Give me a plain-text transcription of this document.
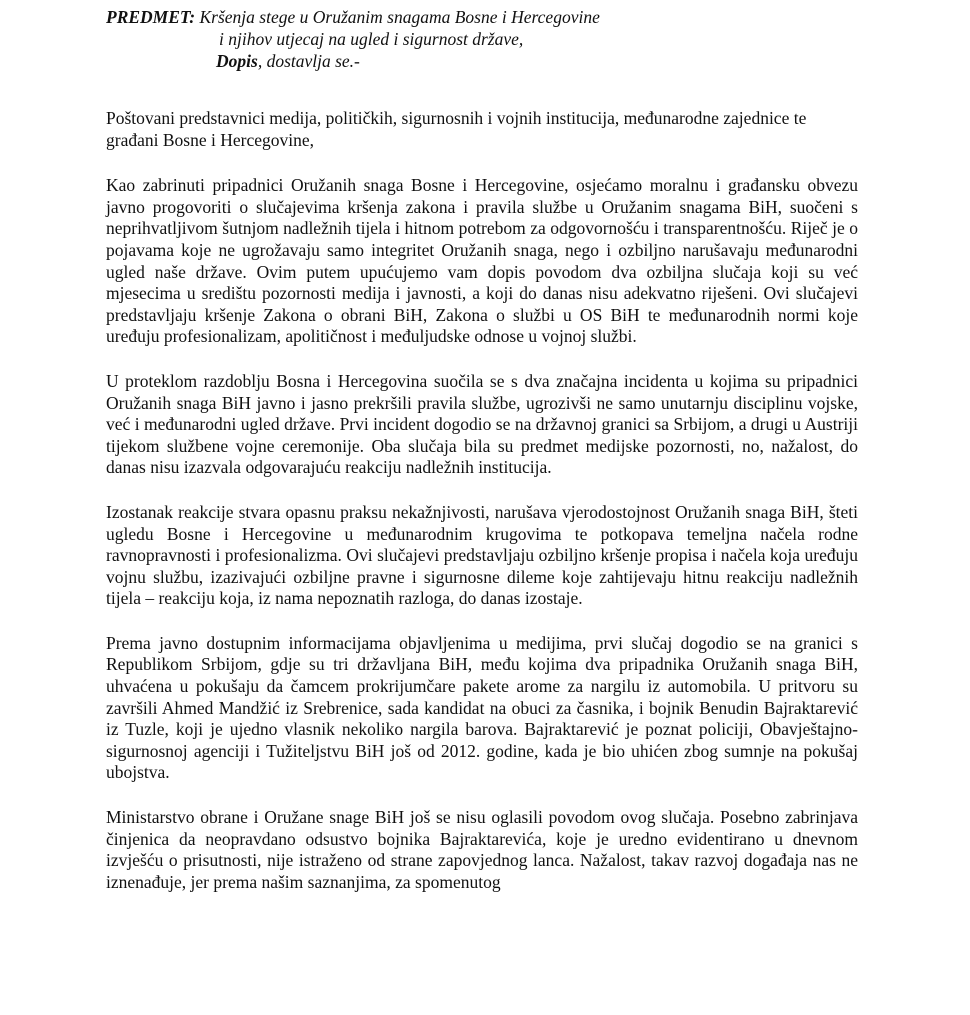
PREDMET: Kršenja stege u Oružanim snagama Bosne i Hercegovine
i njihov utjecaj na ugled i sigurnost države,
Dopis, dostavlja se.-

Poštovani predstavnici medija, političkih, sigurnosnih i vojnih institucija, međunarodne zajednice te građani Bosne i Hercegovine,

Kao zabrinuti pripadnici Oružanih snaga Bosne i Hercegovine, osjećamo moralnu i građansku obvezu javno progovoriti o slučajevima kršenja zakona i pravila službe u Oružanim snagama BiH, suočeni s neprihvatljivom šutnjom nadležnih tijela i hitnom potrebom za odgovornošću i transparentnošću. Riječ je o pojavama koje ne ugrožavaju samo integritet Oružanih snaga, nego i ozbiljno narušavaju međunarodni ugled naše države. Ovim putem upućujemo vam dopis povodom dva ozbiljna slučaja koji su već mjesecima u središtu pozornosti medija i javnosti, a koji do danas nisu adekvatno riješeni. Ovi slučajevi predstavljaju kršenje Zakona o obrani BiH, Zakona o službi u OS BiH te međunarodnih normi koje uređuju profesionalizam, apolitičnost i međuljudske odnose u vojnoj službi.

U proteklom razdoblju Bosna i Hercegovina suočila se s dva značajna incidenta u kojima su pripadnici Oružanih snaga BiH javno i jasno prekršili pravila službe, ugrozivši ne samo unutarnju disciplinu vojske, već i međunarodni ugled države. Prvi incident dogodio se na državnoj granici sa Srbijom, a drugi u Austriji tijekom službene vojne ceremonije. Oba slučaja bila su predmet medijske pozornosti, no, nažalost, do danas nisu izazvala odgovarajuću reakciju nadležnih institucija.

Izostanak reakcije stvara opasnu praksu nekažnjivosti, narušava vjerodostojnost Oružanih snaga BiH, šteti ugledu Bosne i Hercegovine u međunarodnim krugovima te potkopava temeljna načela rodne ravnopravnosti i profesionalizma. Ovi slučajevi predstavljaju ozbiljno kršenje propisa i načela koja uređuju vojnu službu, izazivajući ozbiljne pravne i sigurnosne dileme koje zahtijevaju hitnu reakciju nadležnih tijela – reakciju koja, iz nama nepoznatih razloga, do danas izostaje.

Prema javno dostupnim informacijama objavljenima u medijima, prvi slučaj dogodio se na granici s Republikom Srbijom, gdje su tri državljana BiH, među kojima dva pripadnika Oružanih snaga BiH, uhvaćena u pokušaju da čamcem prokrijumčare pakete arome za nargilu iz automobila. U pritvoru su završili Ahmed Mandžić iz Srebrenice, sada kandidat na obuci za časnika, i bojnik Benudin Bajraktarević iz Tuzle, koji je ujedno vlasnik nekoliko nargila barova. Bajraktarević je poznat policiji, Obavještajno-sigurnosnoj agenciji i Tužiteljstvu BiH još od 2012. godine, kada je bio uhićen zbog sumnje na pokušaj ubojstva.

Ministarstvo obrane i Oružane snage BiH još se nisu oglasili povodom ovog slučaja. Posebno zabrinjava činjenica da neopravdano odsustvo bojnika Bajraktarevića, koje je uredno evidentirano u dnevnom izvješću o prisutnosti, nije istraženo od strane zapovjednog lanca. Nažalost, takav razvoj događaja nas ne iznenađuje, jer prema našim saznanjima, za spomenutog
